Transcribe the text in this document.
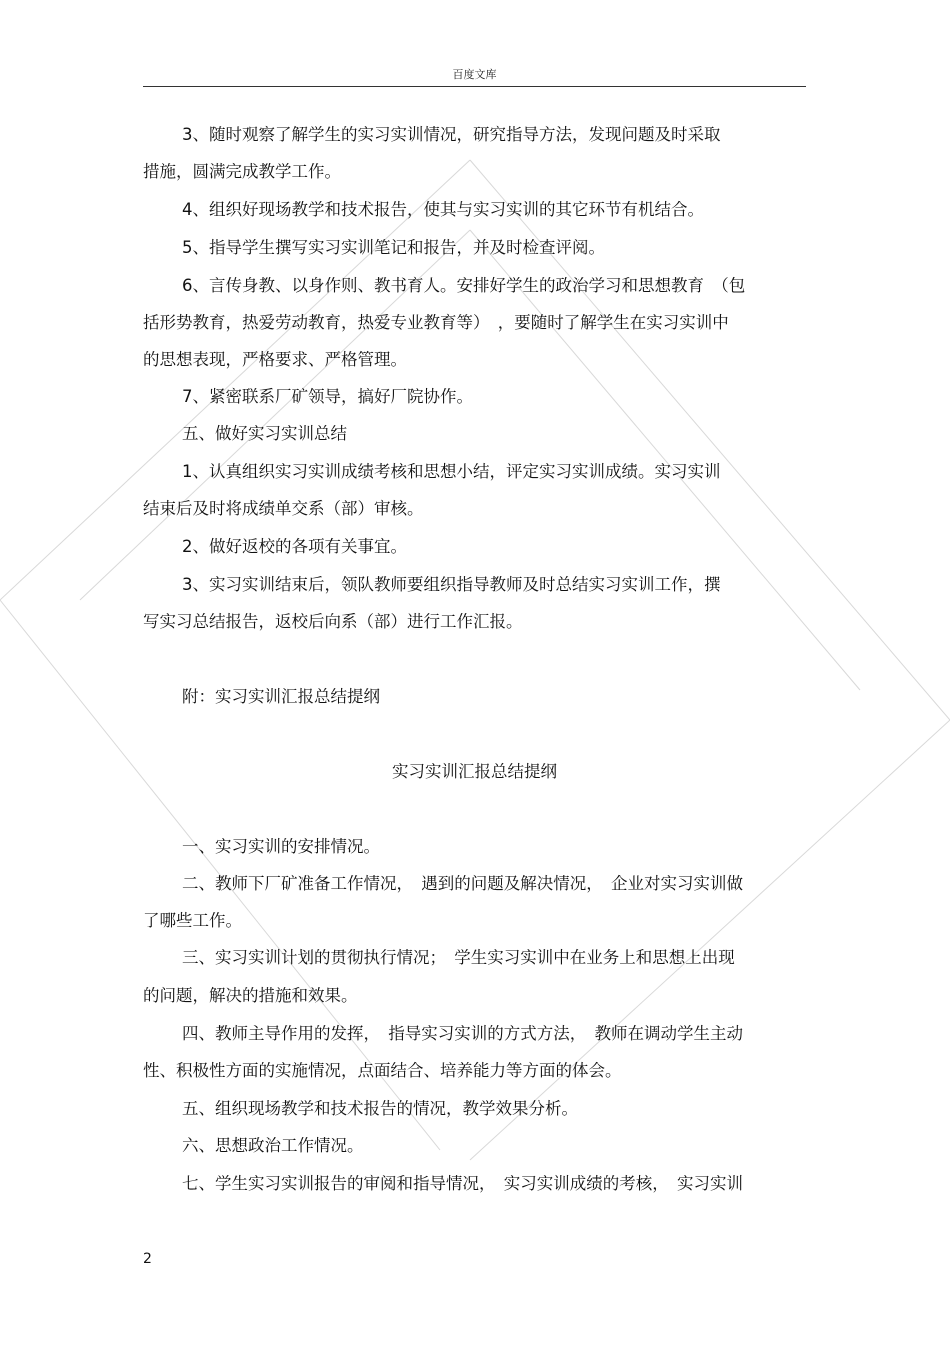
百度文库
3、随时观察了解学生的实习实训情况，研究指导方法，发现问题及时采取
措施，圆满完成教学工作。
4、组织好现场教学和技术报告，使其与实习实训的其它环节有机结合。
5、指导学生撰写实习实训笔记和报告，并及时检查评阅。
6、言传身教、以身作则、教书育人。安排好学生的政治学习和思想教育　（包
括形势教育，热爱劳动教育，热爱专业教育等）　，要随时了解学生在实习实训中
的思想表现，严格要求、严格管理。
7、紧密联系厂矿领导，搞好厂院协作。
五、做好实习实训总结
1、认真组织实习实训成绩考核和思想小结，评定实习实训成绩。实习实训
结束后及时将成绩单交系（部）审核。
2、做好返校的各项有关事宜。
3、实习实训结束后，领队教师要组织指导教师及时总结实习实训工作，撰
写实习总结报告，返校后向系（部）进行工作汇报。
附：实习实训汇报总结提纲
实习实训汇报总结提纲
一、实习实训的安排情况。
二、教师下厂矿准备工作情况，　遇到的问题及解决情况，　企业对实习实训做
了哪些工作。
三、实习实训计划的贯彻执行情况；　学生实习实训中在业务上和思想上出现
的问题，解决的措施和效果。
四、教师主导作用的发挥，　指导实习实训的方式方法，　教师在调动学生主动
性、积极性方面的实施情况，点面结合、培养能力等方面的体会。
五、组织现场教学和技术报告的情况，教学效果分析。
六、思想政治工作情况。
七、学生实习实训报告的审阅和指导情况，　实习实训成绩的考核，　实习实训
2
